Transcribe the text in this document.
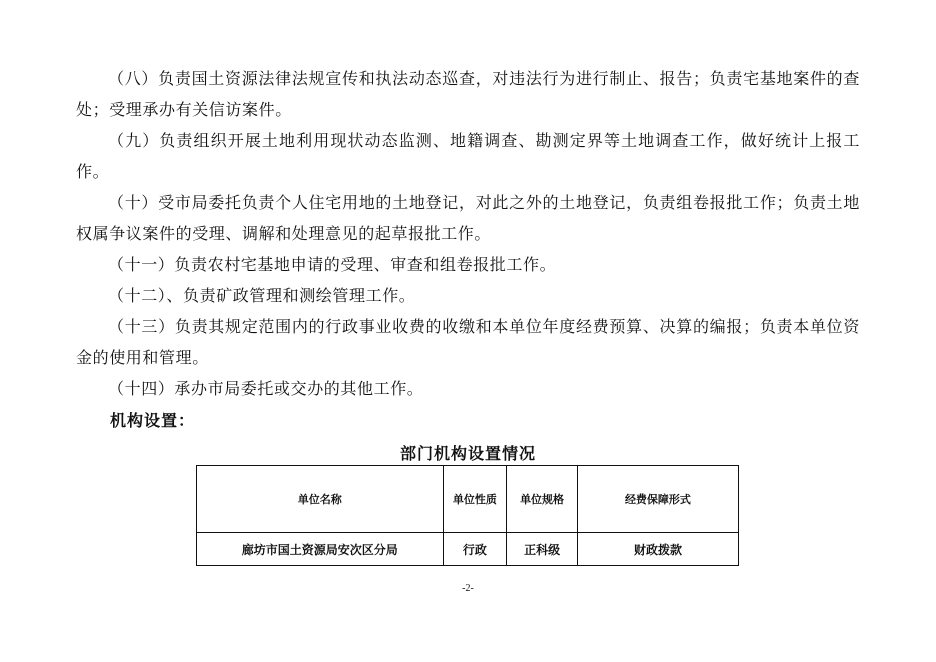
（八）负责国土资源法律法规宣传和执法动态巡查，对违法行为进行制止、报告；负责宅基地案件的查处；受理承办有关信访案件。

（九）负责组织开展土地利用现状动态监测、地籍调查、勘测定界等土地调查工作，做好统计上报工作。

（十）受市局委托负责个人住宅用地的土地登记，对此之外的土地登记，负责组卷报批工作；负责土地权属争议案件的受理、调解和处理意见的起草报批工作。

（十一）负责农村宅基地申请的受理、审查和组卷报批工作。

（十二）、负责矿政管理和测绘管理工作。

（十三）负责其规定范围内的行政事业收费的收缴和本单位年度经费预算、决算的编报；负责本单位资金的使用和管理。

（十四）承办市局委托或交办的其他工作。

机构设置：

部门机构设置情况

单位名称	单位性质	单位规格	经费保障形式
廊坊市国土资源局安次区分局	行政	正科级	财政拨款

-2-
